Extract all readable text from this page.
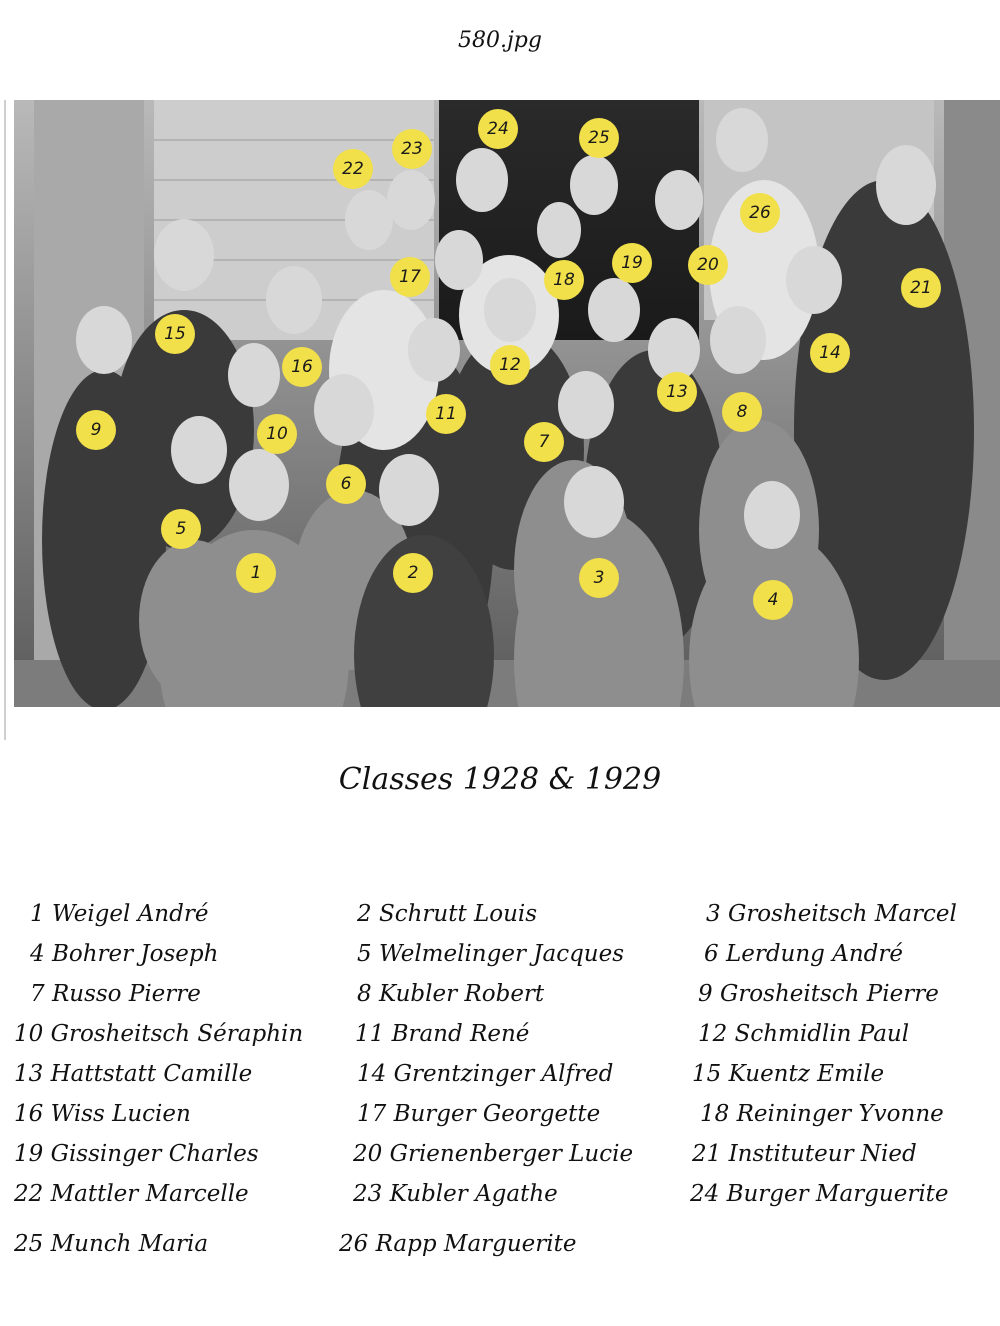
580.jpg
1	2	3
4
5
6
7
8
9	10
11
12
13
14
15
16
17	18
19	20
21
22
23
24	25
26
Classes 1928 & 1929
1 Weigel André	2 Schrutt Louis	3 Grosheitsch Marcel
4 Bohrer Joseph	5 Welmelinger Jacques	6 Lerdung André
7 Russo Pierre	8 Kubler Robert	9 Grosheitsch Pierre
10 Grosheitsch Séraphin 11 Brand René	12 Schmidlin Paul
13 Hattstatt Camille	14 Grentzinger Alfred	15 Kuentz Emile
16 Wiss Lucien	17 Burger Georgette	18 Reininger Yvonne
19 Gissinger Charles	20 Grienenberger Lucie	21 Instituteur Nied
22 Mattler Marcelle	23 Kubler Agathe	24 Burger Marguerite
25 Munch Maria	26 Rapp Marguerite
